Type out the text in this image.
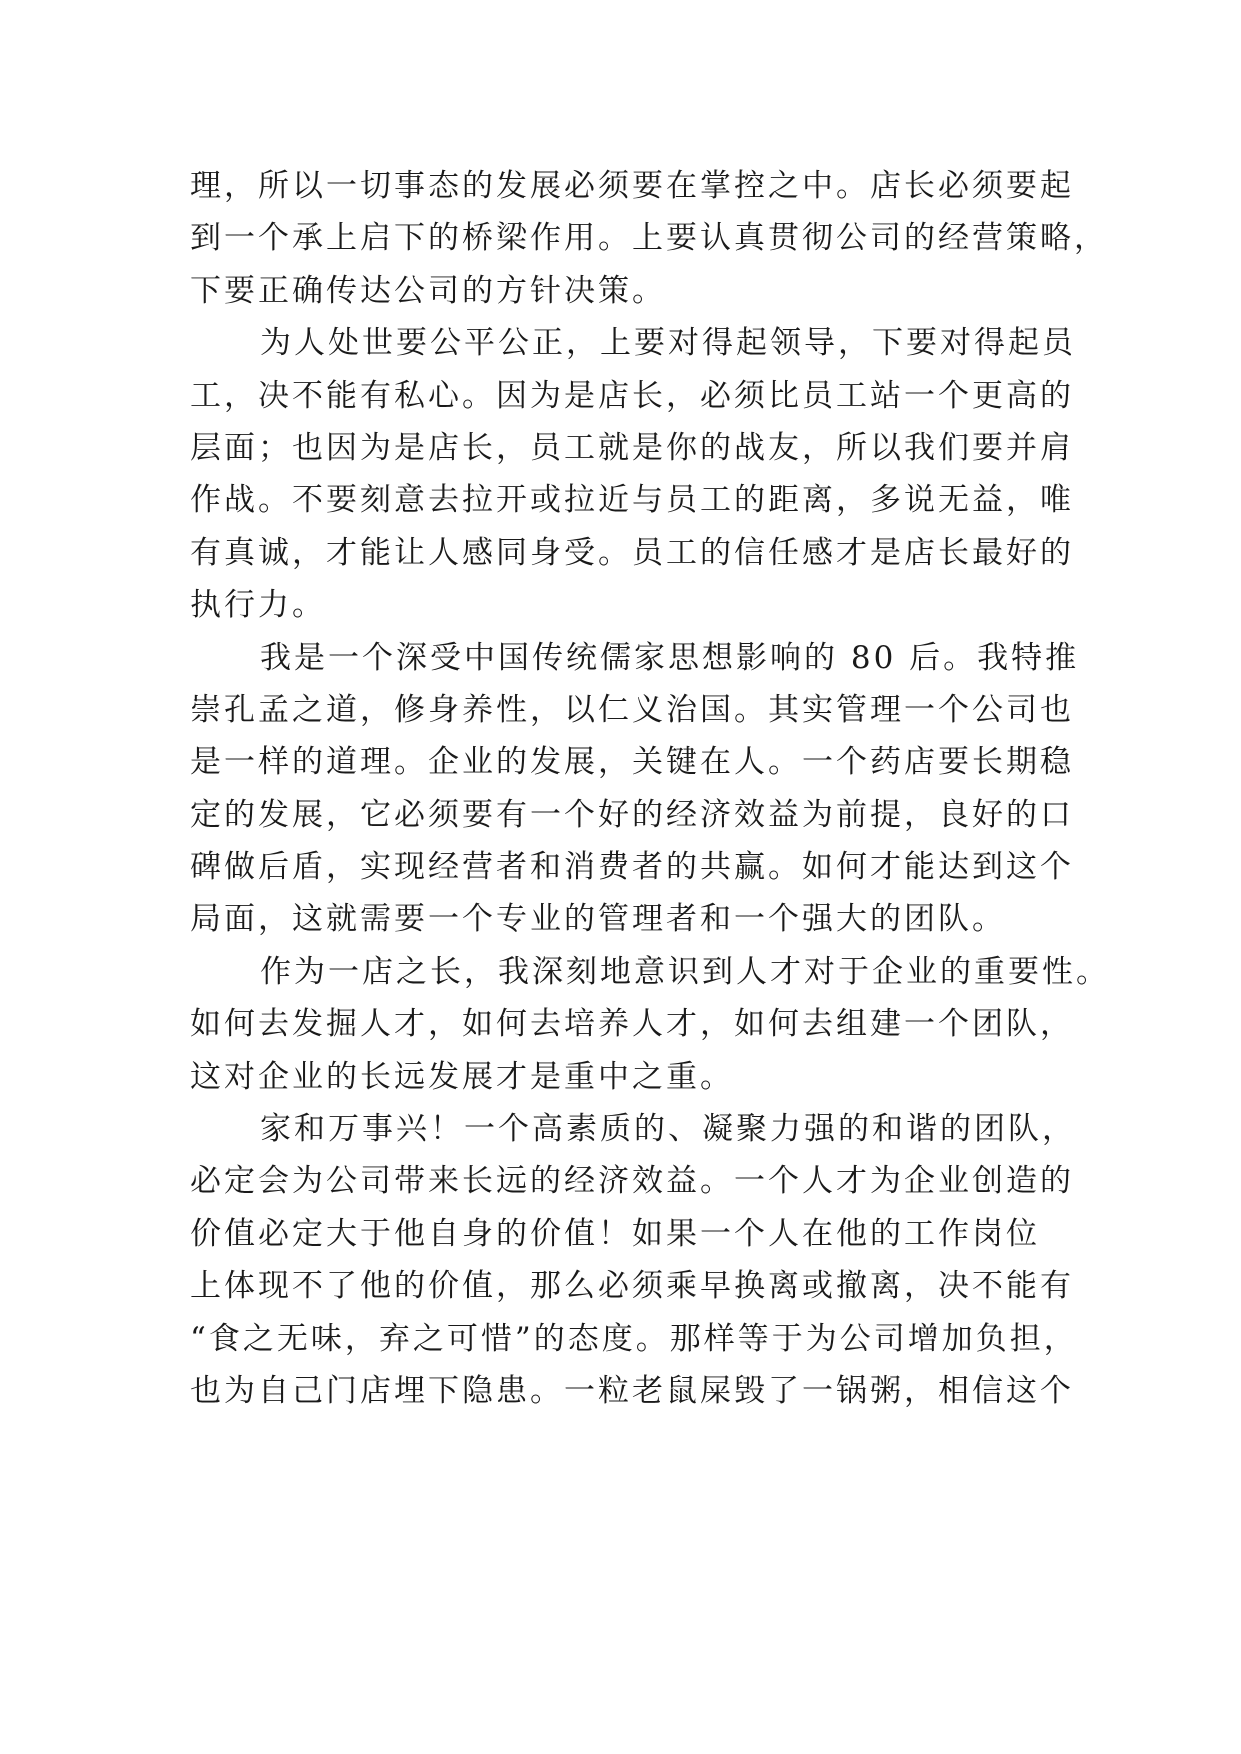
理，所以一切事态的发展必须要在掌控之中。店长必须要起
到一个承上启下的桥梁作用。上要认真贯彻公司的经营策略，
下要正确传达公司的方针决策。
为人处世要公平公正，上要对得起领导，下要对得起员
工，决不能有私心。因为是店长，必须比员工站一个更高的
层面；也因为是店长，员工就是你的战友，所以我们要并肩
作战。不要刻意去拉开或拉近与员工的距离，多说无益，唯
有真诚，才能让人感同身受。员工的信任感才是店长最好的
执行力。
我是一个深受中国传统儒家思想影响的 80 后。我特推
崇孔孟之道，修身养性，以仁义治国。其实管理一个公司也
是一样的道理。企业的发展，关键在人。一个药店要长期稳
定的发展，它必须要有一个好的经济效益为前提，良好的口
碑做后盾，实现经营者和消费者的共赢。如何才能达到这个
局面，这就需要一个专业的管理者和一个强大的团队。
作为一店之长，我深刻地意识到人才对于企业的重要性。
如何去发掘人才，如何去培养人才，如何去组建一个团队，
这对企业的长远发展才是重中之重。
家和万事兴！一个高素质的、凝聚力强的和谐的团队，
必定会为公司带来长远的经济效益。一个人才为企业创造的
价值必定大于他自身的价值！如果一个人在他的工作岗位
上体现不了他的价值，那么必须乘早换离或撤离，决不能有
“食之无味，弃之可惜”的态度。那样等于为公司增加负担，
也为自己门店埋下隐患。一粒老鼠屎毁了一锅粥，相信这个
